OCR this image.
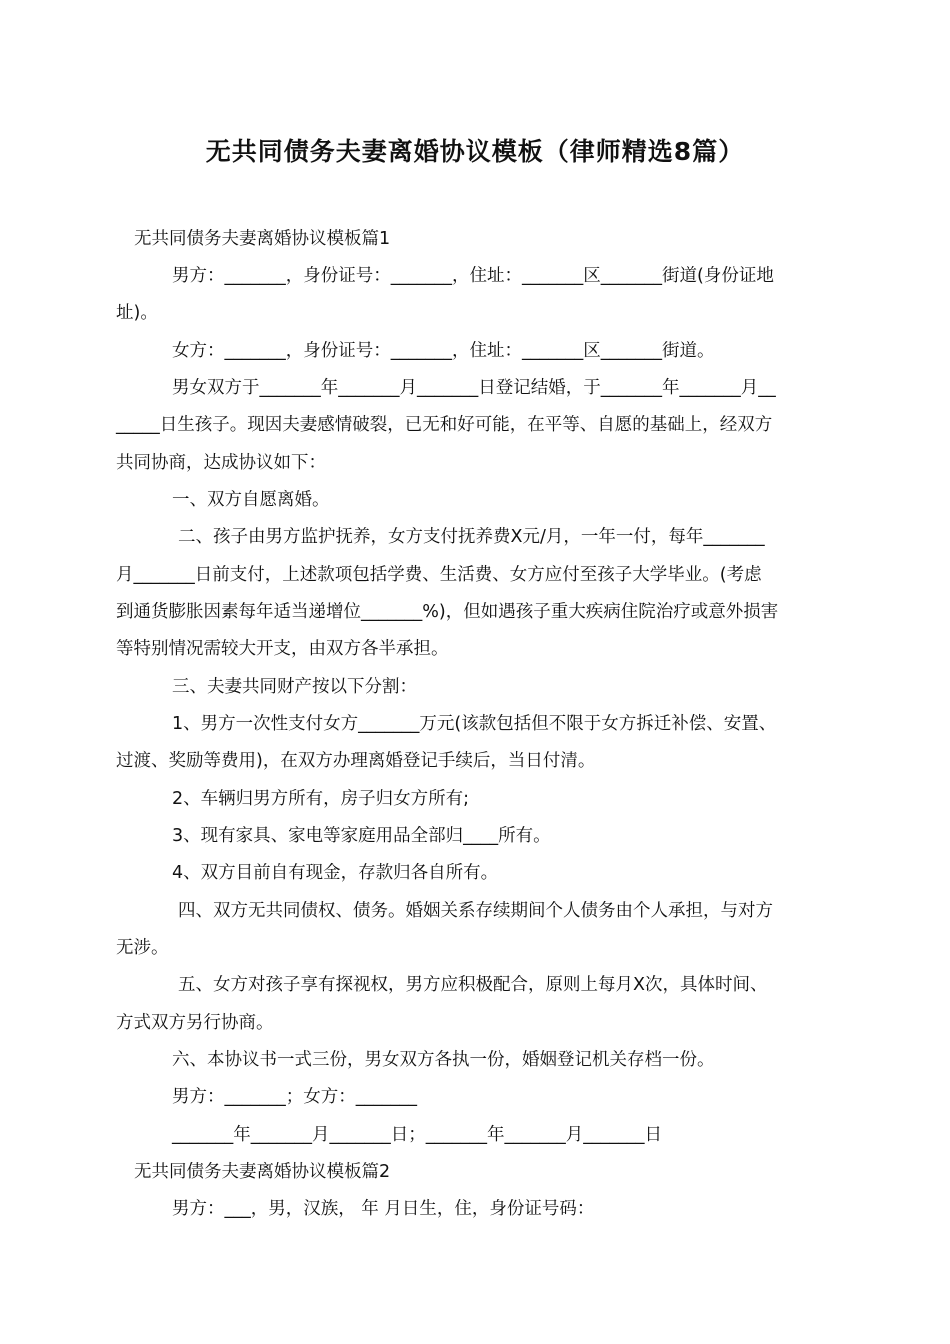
无共同债务夫妻离婚协议模板（律师精选8篇）
无共同债务夫妻离婚协议模板篇1
男方：_______，身份证号：_______，住址：_______区_______街道(身份证地
址)。
女方：_______，身份证号：_______，住址：_______区_______街道。
男女双方于_______年_______月_______日登记结婚，于_______年_______月__
_____日生孩子。现因夫妻感情破裂，已无和好可能，在平等、自愿的基础上，经双方
共同协商，达成协议如下：
一、双方自愿离婚。
二、孩子由男方监护抚养，女方支付抚养费X元/月，一年一付，每年_______
月_______日前支付，上述款项包括学费、生活费、女方应付至孩子大学毕业。(考虑
到通货膨胀因素每年适当递增位_______%)，但如遇孩子重大疾病住院治疗或意外损害
等特别情况需较大开支，由双方各半承担。
三、夫妻共同财产按以下分割：
1、男方一次性支付女方_______万元(该款包括但不限于女方拆迁补偿、安置、
过渡、奖励等费用)，在双方办理离婚登记手续后，当日付清。
2、车辆归男方所有，房子归女方所有;
3、现有家具、家电等家庭用品全部归____所有。
4、双方目前自有现金，存款归各自所有。
四、双方无共同债权、债务。婚姻关系存续期间个人债务由个人承担，与对方
无涉。
五、女方对孩子享有探视权，男方应积极配合，原则上每月X次，具体时间、
方式双方另行协商。
六、本协议书一式三份，男女双方各执一份，婚姻登记机关存档一份。
男方：_______；女方：_______
_______年_______月_______日；_______年_______月_______日
无共同债务夫妻离婚协议模板篇2
男方：___，男，汉族， 年 月日生，住，身份证号码：
